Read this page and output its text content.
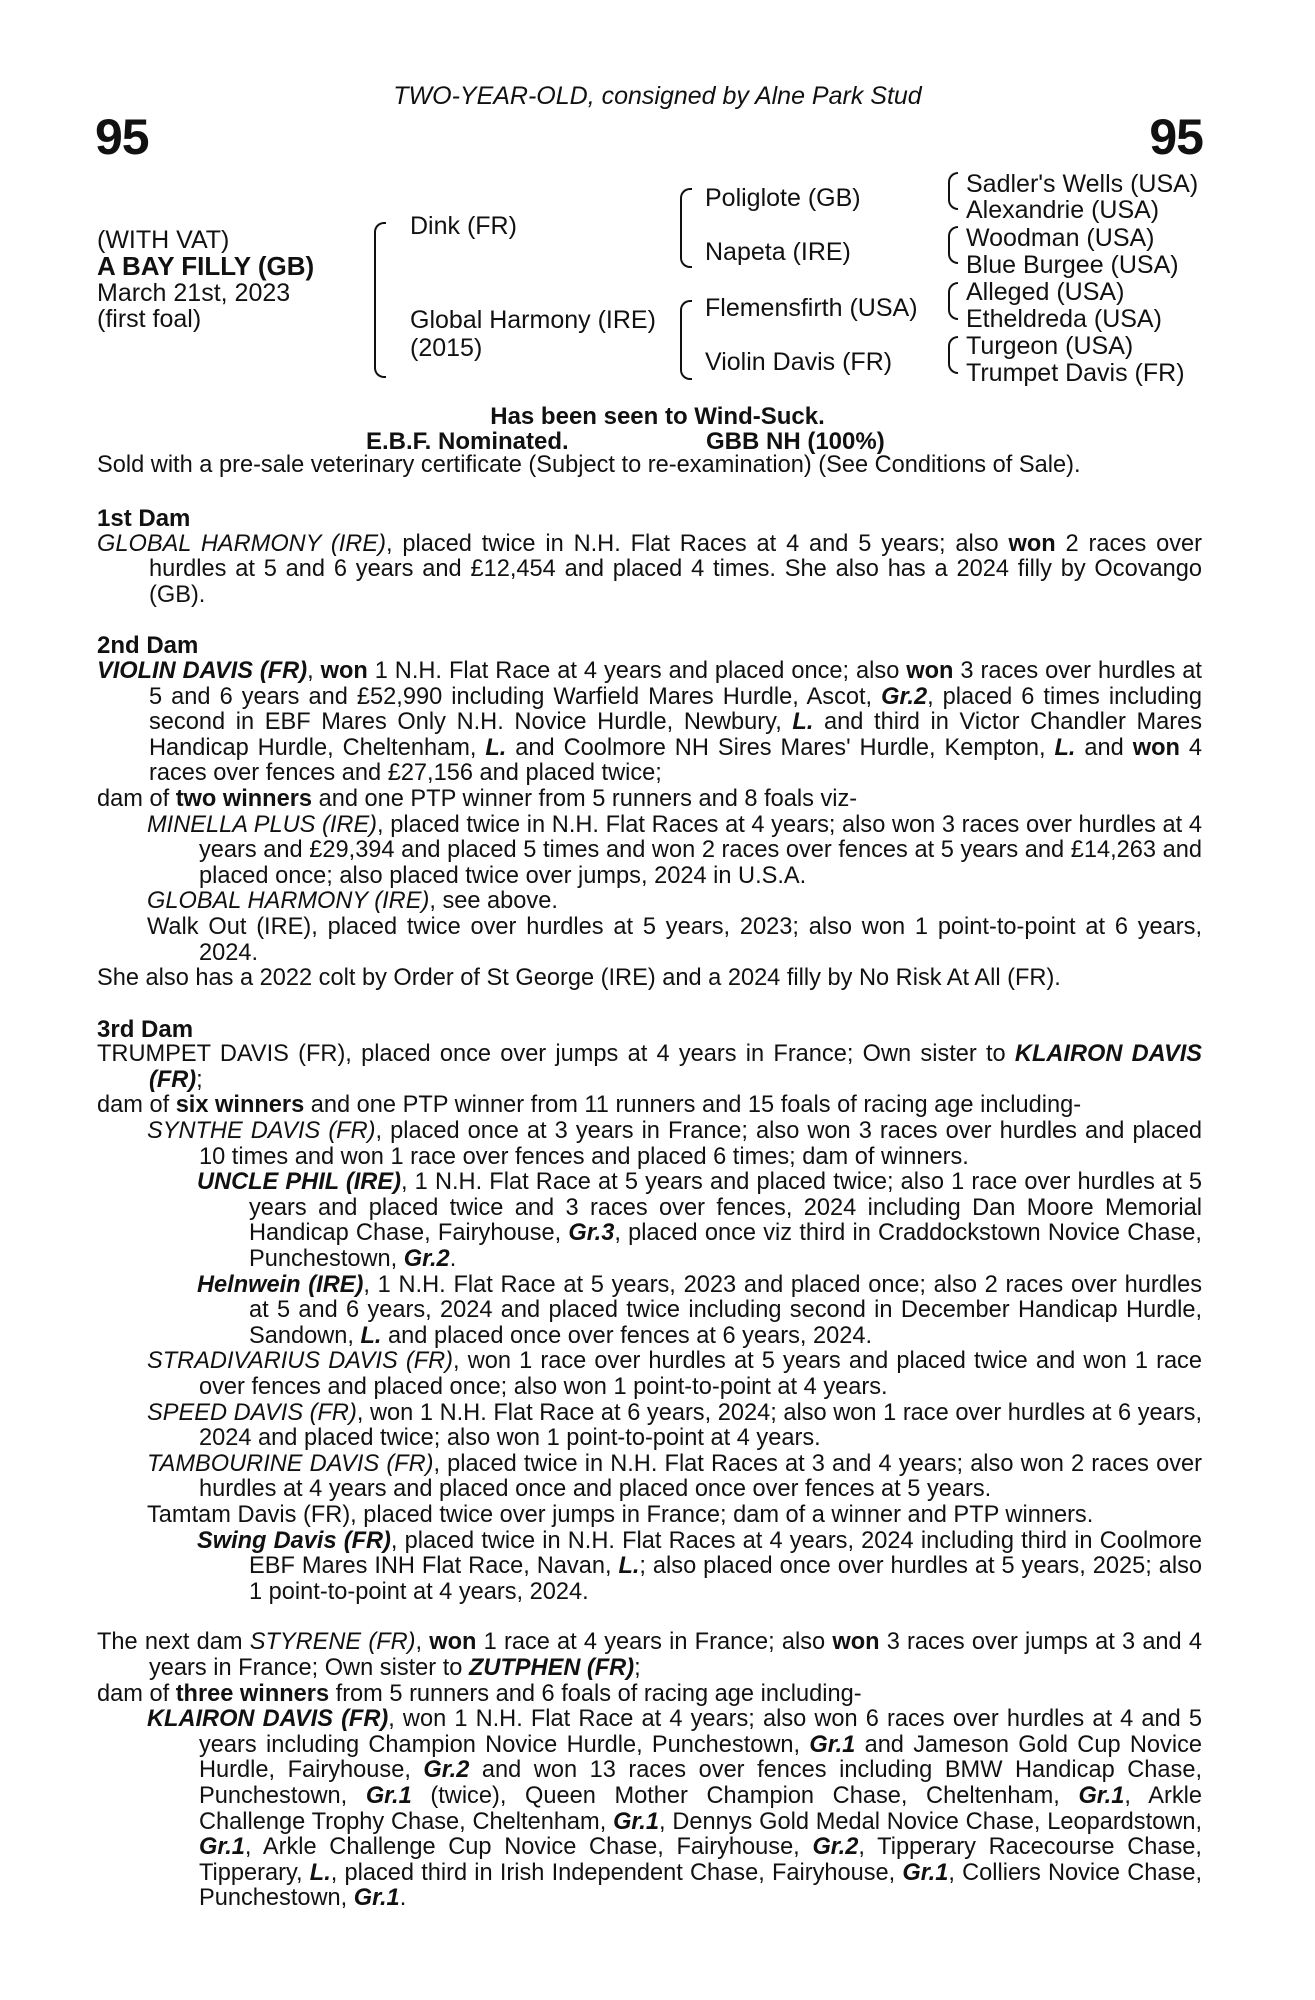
TWO-YEAR-OLD, consigned by Alne Park Stud
95	95
(WITH VAT)
A BAY FILLY (GB)
March 21st, 2023
(first foal)
Dink (FR)
Global Harmony (IRE)
(2015)
Poliglote (GB)
Napeta (IRE)
Flemensfirth (USA)
Violin Davis (FR)
Sadler's Wells (USA)
Alexandrie (USA)
Woodman (USA)
Blue Burgee (USA)
Alleged (USA)
Etheldreda (USA)
Turgeon (USA)
Trumpet Davis (FR)
Has been seen to Wind-Suck.
E.B.F. Nominated.	GBB NH (100%)
Sold with a pre-sale veterinary certificate (Subject to re-examination) (See Conditions of Sale).

1st Dam

GLOBAL HARMONY (IRE), placed twice in N.H. Flat Races at 4 and 5 years; also won 2 races over hurdles at 5 and 6 years and £12,454 and placed 4 times. She also has a 2024 filly by Ocovango (GB).

2nd Dam

VIOLIN DAVIS (FR), won 1 N.H. Flat Race at 4 years and placed once; also won 3 races over hurdles at 5 and 6 years and £52,990 including Warfield Mares Hurdle, Ascot, Gr.2, placed 6 times including second in EBF Mares Only N.H. Novice Hurdle, Newbury, L. and third in Victor Chandler Mares Handicap Hurdle, Cheltenham, L. and Coolmore NH Sires Mares' Hurdle, Kempton, L. and won 4 races over fences and £27,156 and placed twice;

dam of two winners and one PTP winner from 5 runners and 8 foals viz-

MINELLA PLUS (IRE), placed twice in N.H. Flat Races at 4 years; also won 3 races over hurdles at 4 years and £29,394 and placed 5 times and won 2 races over fences at 5 years and £14,263 and placed once; also placed twice over jumps, 2024 in U.S.A.

GLOBAL HARMONY (IRE), see above.

Walk Out (IRE), placed twice over hurdles at 5 years, 2023; also won 1 point-to-point at 6 years, 2024.

She also has a 2022 colt by Order of St George (IRE) and a 2024 filly by No Risk At All (FR).

3rd Dam

TRUMPET DAVIS (FR), placed once over jumps at 4 years in France; Own sister to KLAIRON DAVIS (FR);

dam of six winners and one PTP winner from 11 runners and 15 foals of racing age including-

SYNTHE DAVIS (FR), placed once at 3 years in France; also won 3 races over hurdles and placed 10 times and won 1 race over fences and placed 6 times; dam of winners.

UNCLE PHIL (IRE), 1 N.H. Flat Race at 5 years and placed twice; also 1 race over hurdles at 5 years and placed twice and 3 races over fences, 2024 including Dan Moore Memorial Handicap Chase, Fairyhouse, Gr.3, placed once viz third in Craddockstown Novice Chase, Punchestown, Gr.2.

Helnwein (IRE), 1 N.H. Flat Race at 5 years, 2023 and placed once; also 2 races over hurdles at 5 and 6 years, 2024 and placed twice including second in December Handicap Hurdle, Sandown, L. and placed once over fences at 6 years, 2024.

STRADIVARIUS DAVIS (FR), won 1 race over hurdles at 5 years and placed twice and won 1 race over fences and placed once; also won 1 point-to-point at 4 years.

SPEED DAVIS (FR), won 1 N.H. Flat Race at 6 years, 2024; also won 1 race over hurdles at 6 years, 2024 and placed twice; also won 1 point-to-point at 4 years.

TAMBOURINE DAVIS (FR), placed twice in N.H. Flat Races at 3 and 4 years; also won 2 races over hurdles at 4 years and placed once and placed once over fences at 5 years.

Tamtam Davis (FR), placed twice over jumps in France; dam of a winner and PTP winners.

Swing Davis (FR), placed twice in N.H. Flat Races at 4 years, 2024 including third in Coolmore EBF Mares INH Flat Race, Navan, L.; also placed once over hurdles at 5 years, 2025; also 1 point-to-point at 4 years, 2024.

The next dam STYRENE (FR), won 1 race at 4 years in France; also won 3 races over jumps at 3 and 4 years in France; Own sister to ZUTPHEN (FR);

dam of three winners from 5 runners and 6 foals of racing age including-

KLAIRON DAVIS (FR), won 1 N.H. Flat Race at 4 years; also won 6 races over hurdles at 4 and 5 years including Champion Novice Hurdle, Punchestown, Gr.1 and Jameson Gold Cup Novice Hurdle, Fairyhouse, Gr.2 and won 13 races over fences including BMW Handicap Chase, Punchestown, Gr.1 (twice), Queen Mother Champion Chase, Cheltenham, Gr.1, Arkle Challenge Trophy Chase, Cheltenham, Gr.1, Dennys Gold Medal Novice Chase, Leopardstown, Gr.1, Arkle Challenge Cup Novice Chase, Fairyhouse, Gr.2, Tipperary Racecourse Chase, Tipperary, L., placed third in Irish Independent Chase, Fairyhouse, Gr.1, Colliers Novice Chase, Punchestown, Gr.1.
